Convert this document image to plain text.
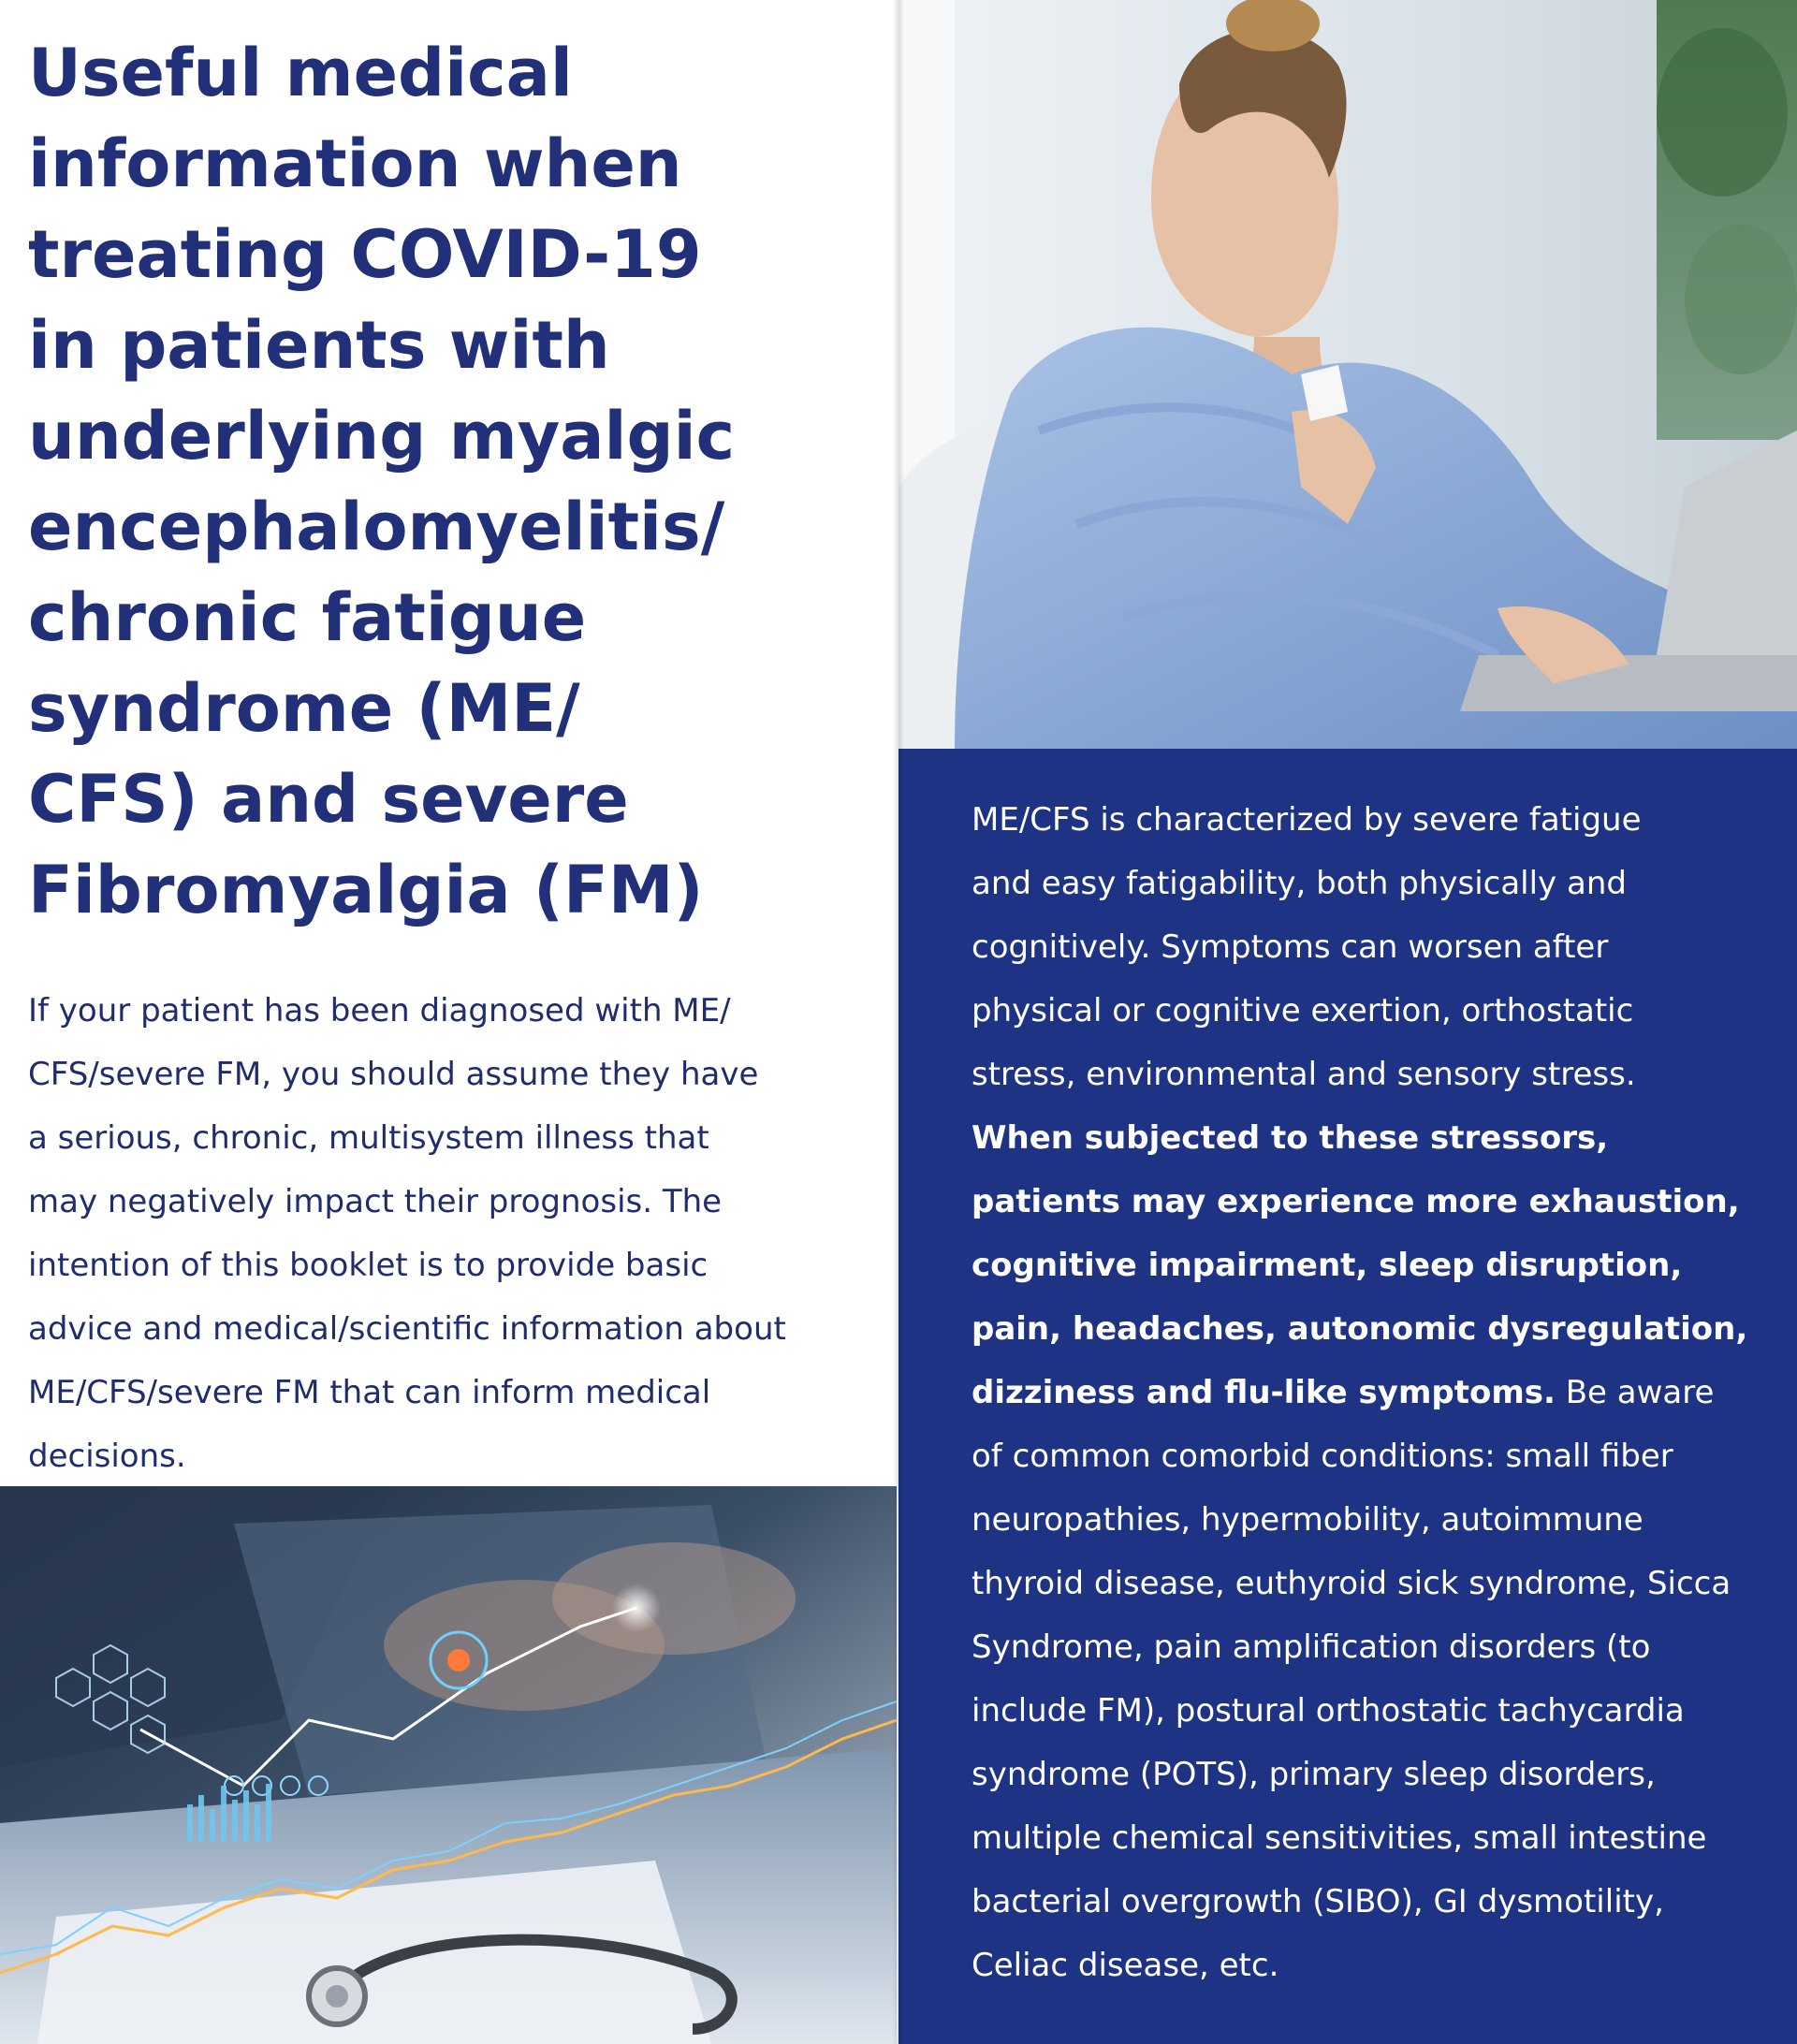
Useful medical
information when
treating COVID-19
in patients with
underlying myalgic
encephalomyelitis/
chronic fatigue
syndrome (ME/
CFS) and severe
Fibromyalgia (FM)

If your patient has been diagnosed with ME/
CFS/severe FM, you should assume they have
a serious, chronic, multisystem illness that
may negatively impact their prognosis. The
intention of this booklet is to provide basic
advice and medical/scientific information about
ME/CFS/severe FM that can inform medical
decisions.

ME/CFS is characterized by severe fatigue
and easy fatigability, both physically and
cognitively. Symptoms can worsen after
physical or cognitive exertion, orthostatic
stress, environmental and sensory stress.
When subjected to these stressors,
patients may experience more exhaustion,
cognitive impairment, sleep disruption,
pain, headaches, autonomic dysregulation,
dizziness and flu-like symptoms. Be aware
of common comorbid conditions: small fiber
neuropathies, hypermobility, autoimmune
thyroid disease, euthyroid sick syndrome, Sicca
Syndrome, pain amplification disorders (to
include FM), postural orthostatic tachycardia
syndrome (POTS), primary sleep disorders,
multiple chemical sensitivities, small intestine
bacterial overgrowth (SIBO), GI dysmotility,
Celiac disease, etc.
